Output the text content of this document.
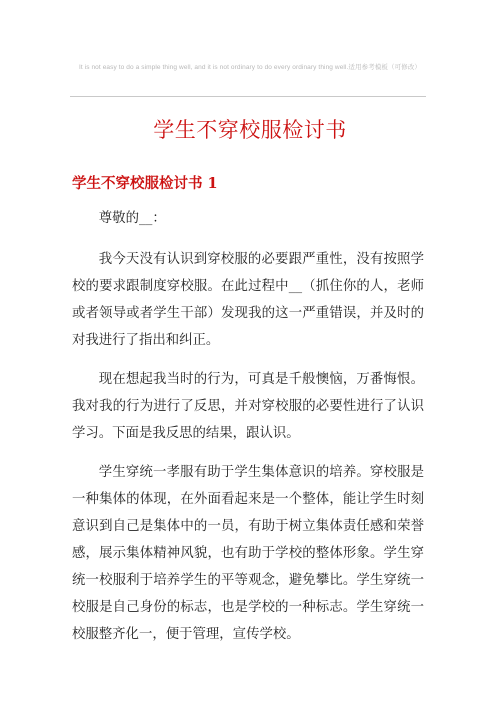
It is not easy to do a simple thing well, and it is not ordinary to do every ordinary thing well.适用参考模板（可修改）
学生不穿校服检讨书
学生不穿校服检讨书 1

尊敬的__：

我今天没有认识到穿校服的必要跟严重性，没有按照学校的要求跟制度穿校服。在此过程中__（抓住你的人，老师或者领导或者学生干部）发现我的这一严重错误，并及时的对我进行了指出和纠正。

现在想起我当时的行为，可真是千般懊恼，万番悔恨。我对我的行为进行了反思，并对穿校服的必要性进行了认识学习。下面是我反思的结果，跟认识。

学生穿统一孝服有助于学生集体意识的培养。穿校服是一种集体的体现，在外面看起来是一个整体，能让学生时刻意识到自己是集体中的一员，有助于树立集体责任感和荣誉感，展示集体精神风貌，也有助于学校的整体形象。学生穿统一校服利于培养学生的平等观念，避免攀比。学生穿统一校服是自己身份的标志，也是学校的一种标志。学生穿统一校服整齐化一，便于管理，宣传学校。
